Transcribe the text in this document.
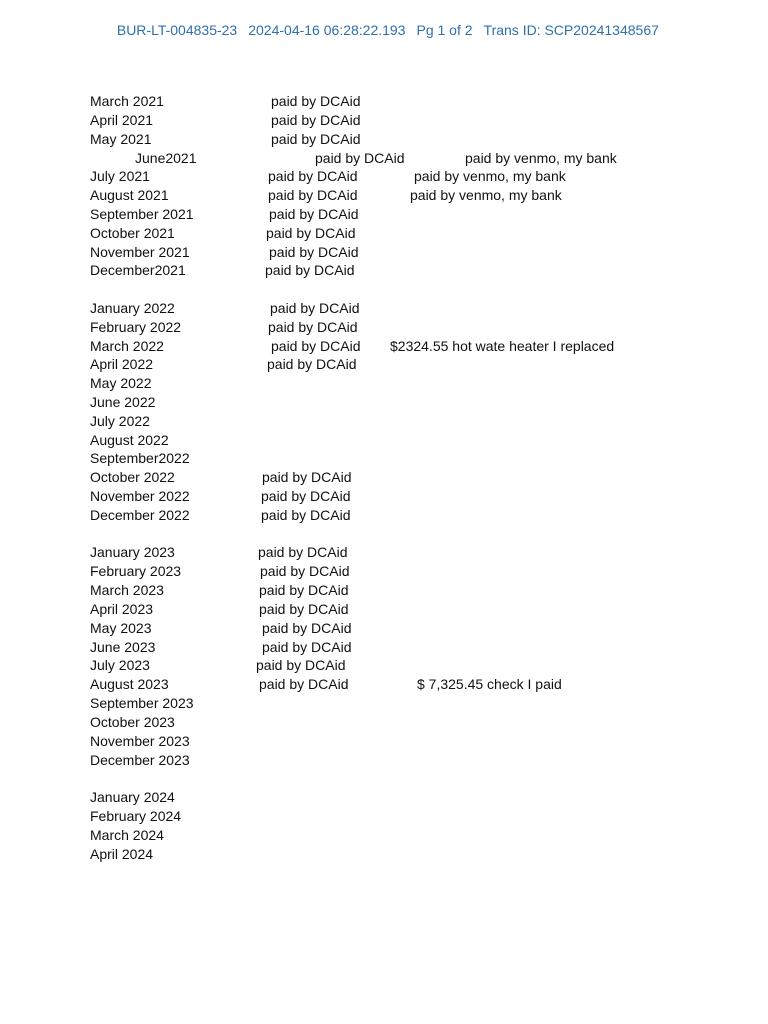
BUR-LT-004835-23 2024-04-16 06:28:22.193 Pg 1 of 2 Trans ID: SCP20241348567

March 2021	paid by DCAid
April 2021	paid by DCAid
May 2021	paid by DCAid
June2021	paid by DCAid	paid by venmo, my bank
July 2021	paid by DCAid	paid by venmo, my bank
August 2021	paid by DCAid	paid by venmo, my bank
September 2021	paid by DCAid
October 2021	paid by DCAid
November 2021	paid by DCAid
December2021	paid by DCAid
January 2022	paid by DCAid
February 2022	paid by DCAid
March 2022	paid by DCAid $2324.55 hot wate heater I replaced
April 2022	paid by DCAid
May 2022
June 2022
July 2022
August 2022
September2022
October 2022	paid by DCAid
November 2022	paid by DCAid
December 2022	paid by DCAid
January 2023	paid by DCAid
February 2023	paid by DCAid
March 2023	paid by DCAid
April 2023	paid by DCAid
May 2023	paid by DCAid
June 2023	paid by DCAid
July 2023	paid by DCAid
August 2023	paid by DCAid	$ 7,325.45 check I paid
September 2023
October 2023
November 2023
December 2023
January 2024
February 2024
March 2024
April 2024
